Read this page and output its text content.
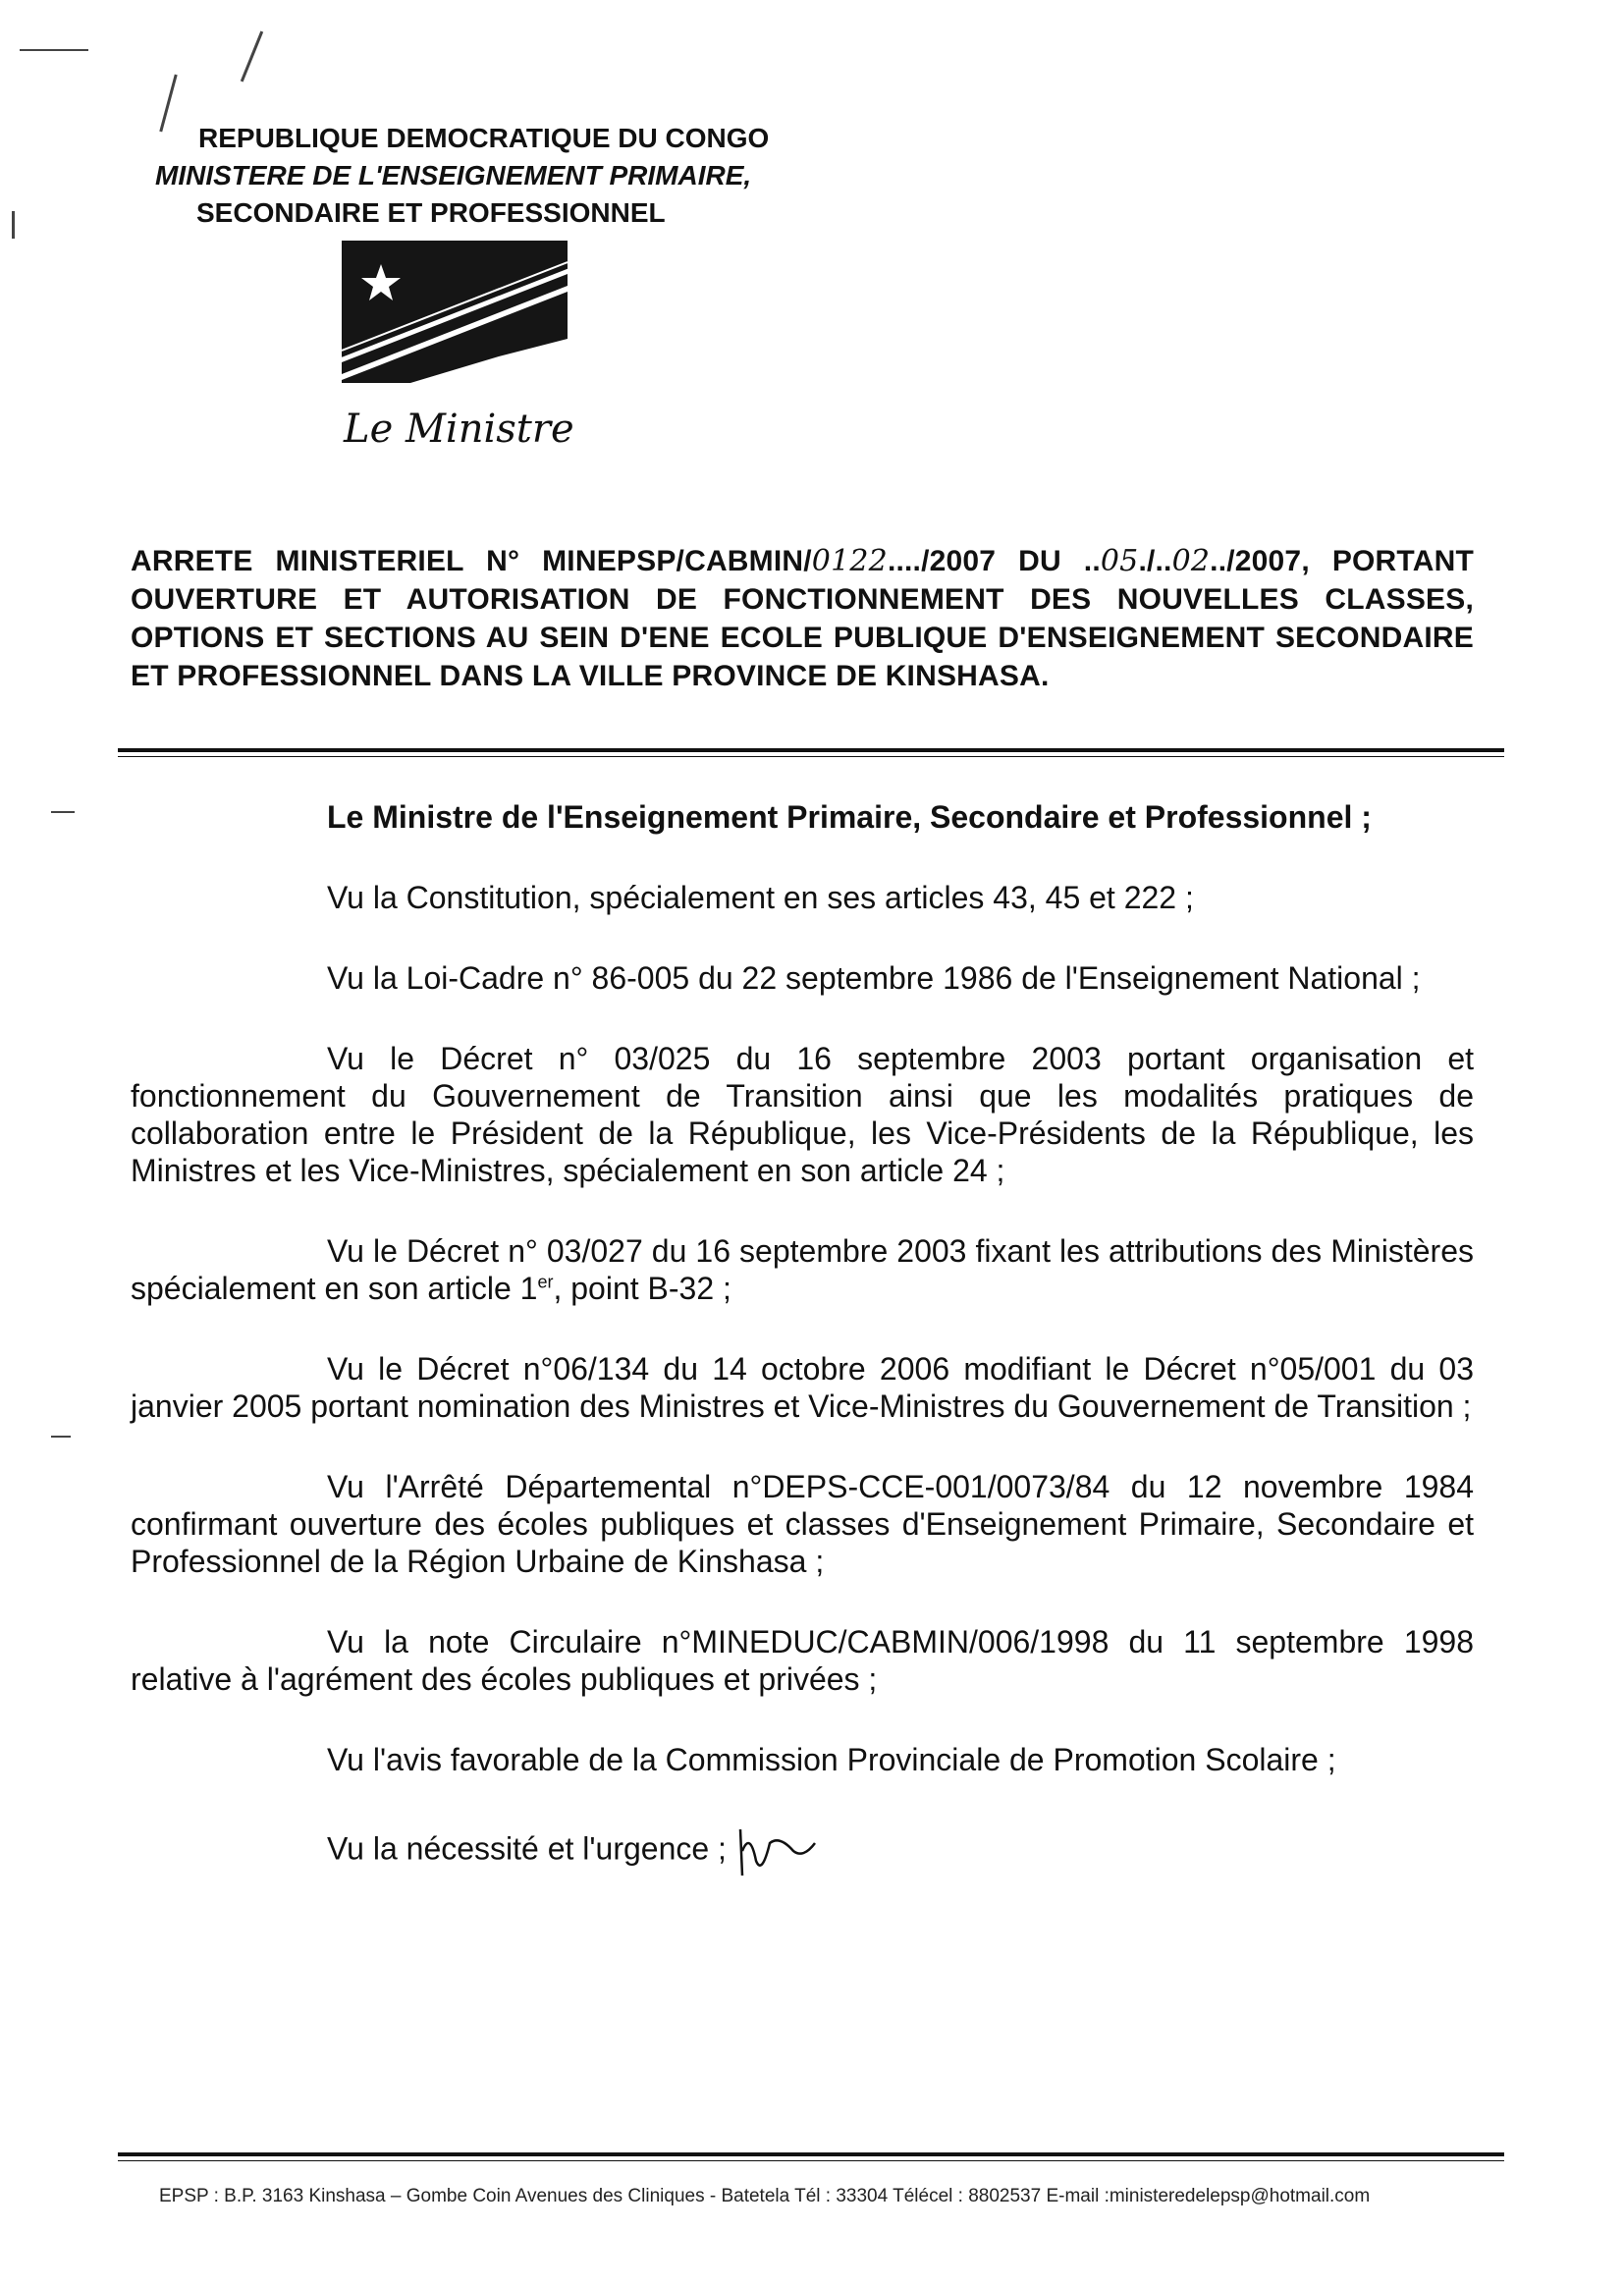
REPUBLIQUE DEMOCRATIQUE DU CONGO
MINISTERE DE L'ENSEIGNEMENT PRIMAIRE,
SECONDAIRE ET PROFESSIONNEL
Le Ministre
ARRETE MINISTERIEL N° MINEPSP/CABMIN/0122..../2007 DU ..05./..02../2007, PORTANT OUVERTURE ET AUTORISATION DE FONCTIONNEMENT DES NOUVELLES CLASSES, OPTIONS ET SECTIONS AU SEIN D'ENE ECOLE PUBLIQUE D'ENSEIGNEMENT SECONDAIRE ET PROFESSIONNEL DANS LA VILLE PROVINCE DE KINSHASA.

Le Ministre de l'Enseignement Primaire, Secondaire et Professionnel ;

Vu la Constitution, spécialement en ses articles 43, 45 et 222 ;

Vu la Loi-Cadre n° 86-005 du 22 septembre 1986 de l'Enseignement National ;

Vu le Décret n° 03/025 du 16 septembre 2003 portant organisation et fonctionnement du Gouvernement de Transition ainsi que les modalités pratiques de collaboration entre le Président de la République, les Vice-Présidents de la République, les Ministres et les Vice-Ministres, spécialement en son article 24 ;

Vu le Décret n° 03/027 du 16 septembre 2003 fixant les attributions des Ministères spécialement en son article 1er, point B-32 ;

Vu le Décret n°06/134 du 14 octobre 2006 modifiant le Décret n°05/001 du 03 janvier 2005 portant nomination des Ministres et Vice-Ministres du Gouvernement de Transition ;

Vu l'Arrêté Départemental n°DEPS-CCE-001/0073/84 du 12 novembre 1984 confirmant ouverture des écoles publiques et classes d'Enseignement Primaire, Secondaire et Professionnel de la Région Urbaine de Kinshasa ;

Vu la note Circulaire n°MINEDUC/CABMIN/006/1998 du 11 septembre 1998 relative à l'agrément des écoles publiques et privées ;

Vu l'avis favorable de la Commission Provinciale de Promotion Scolaire ;

Vu la nécessité et l'urgence ;

EPSP : B.P. 3163 Kinshasa – Gombe Coin Avenues des Cliniques - Batetela Tél : 33304 Télécel : 8802537 E-mail :ministeredelepsp@hotmail.com
